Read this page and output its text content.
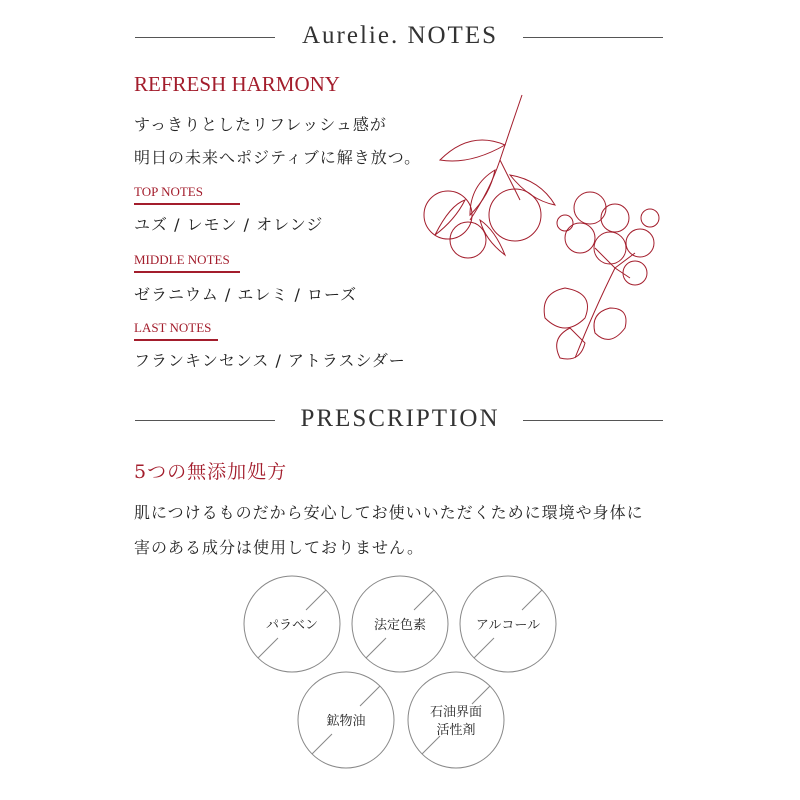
Aurelie. NOTES
REFRESH HARMONY
すっきりとしたリフレッシュ感が
明日の未来へポジティブに解き放つ。
TOP NOTES
ユズ / レモン / オレンジ
MIDDLE NOTES
ゼラニウム / エレミ / ローズ
LAST NOTES
フランキンセンス / アトラスシダー
PRESCRIPTION
5つの無添加処方
肌につけるものだから安心してお使いいただくために環境や身体に
害のある成分は使用しておりません。
パラベン	法定色素	アルコール
鉱物油
石油界面
活性剤
